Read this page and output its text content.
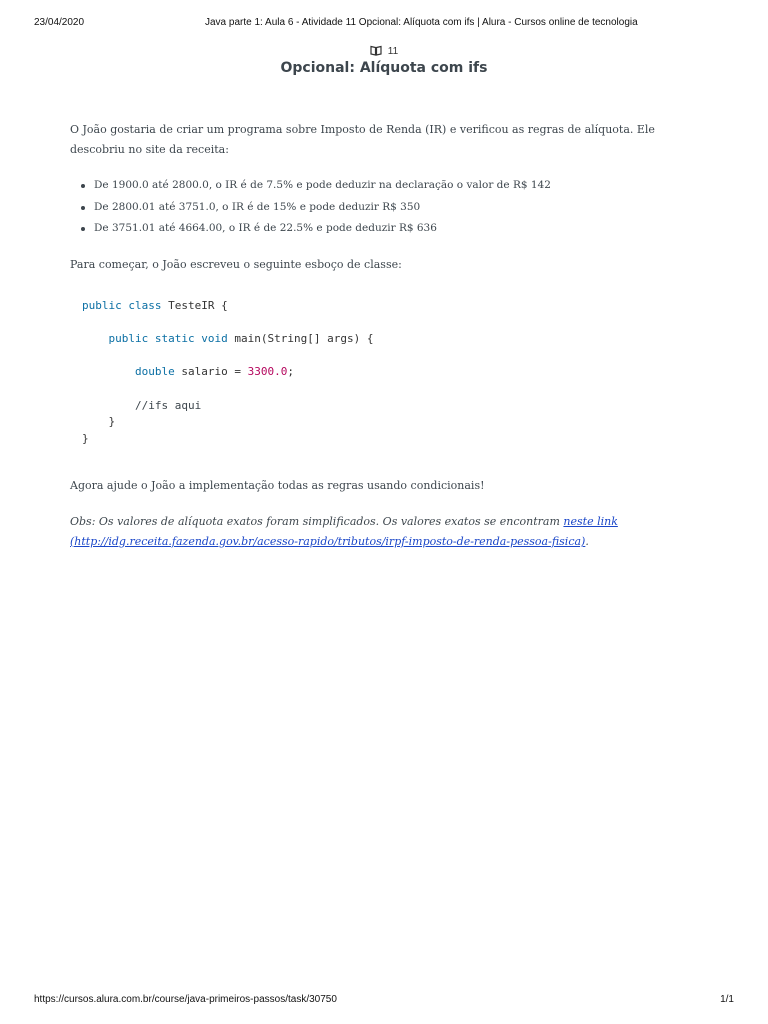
23/04/2020	Java parte 1: Aula 6 - Atividade 11 Opcional: Alíquota com ifs | Alura - Cursos online de tecnologia
11
Opcional: Alíquota com ifs

O João gostaria de criar um programa sobre Imposto de Renda (IR) e verificou as regras de alíquota. Ele descobriu no site da receita:

De 1900.0 até 2800.0, o IR é de 7.5% e pode deduzir na declaração o valor de R$ 142
De 2800.01 até 3751.0, o IR é de 15% e pode deduzir R$ 350
De 3751.01 até 4664.00, o IR é de 22.5% e pode deduzir R$ 636

Para começar, o João escreveu o seguinte esboço de classe:

public class TesteIR {

public static void main(String[] args) {

double salario = 3300.0;

//ifs aqui
}
}

Agora ajude o João a implementação todas as regras usando condicionais!

Obs: Os valores de alíquota exatos foram simplificados. Os valores exatos se encontram neste link
(http://idg.receita.fazenda.gov.br/acesso-rapido/tributos/irpf-imposto-de-renda-pessoa-fisica).

https://cursos.alura.com.br/course/java-primeiros-passos/task/30750	1/1
